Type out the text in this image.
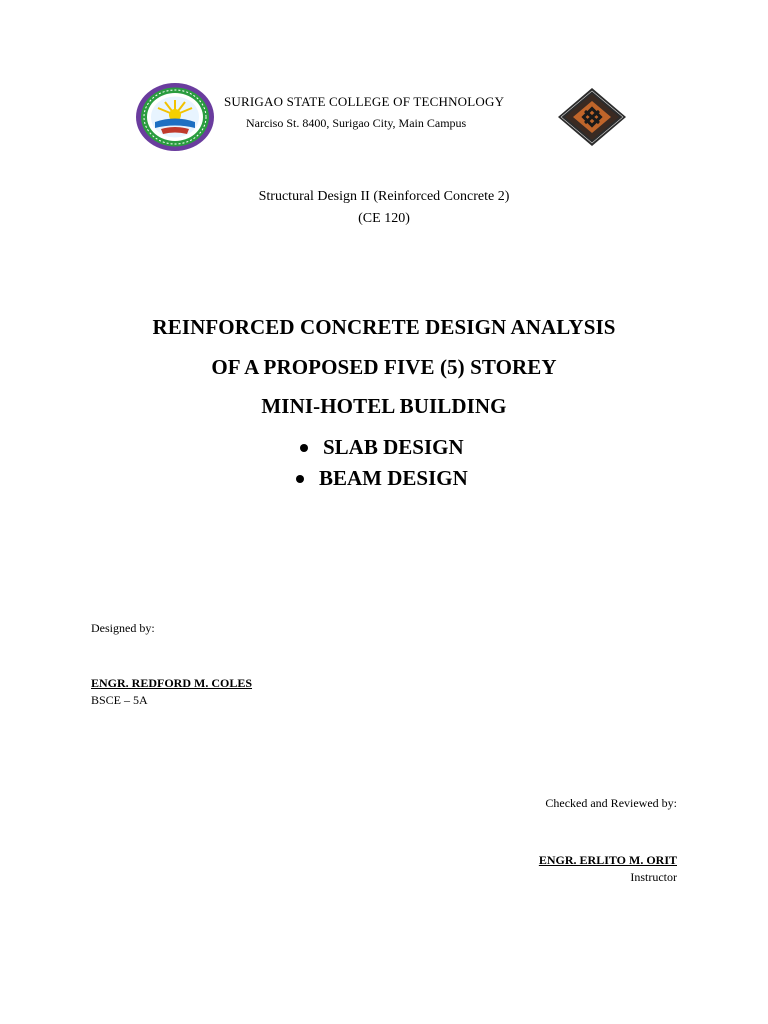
SURIGAO STATE COLLEGE OF TECHNOLOGY
Narciso St. 8400, Surigao City, Main Campus
Structural Design II (Reinforced Concrete 2)
(CE 120)
REINFORCED CONCRETE DESIGN ANALYSIS
OF A PROPOSED FIVE (5) STOREY
MINI-HOTEL BUILDING
SLAB DESIGN
BEAM DESIGN
Designed by:
ENGR. REDFORD M. COLES
BSCE – 5A
Checked and Reviewed by:
ENGR. ERLITO M. ORIT
Instructor
